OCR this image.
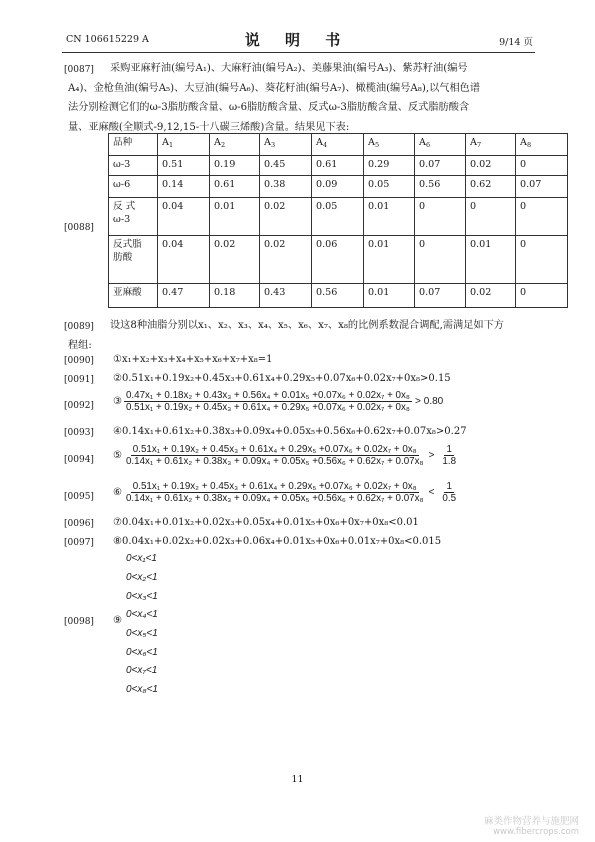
CN 106615229 A	说 明 书	9/14 页
[0087] 采购亚麻籽油(编号A₁)、大麻籽油(编号A₂)、美藤果油(编号A₃)、紫苏籽油(编号
A₄)、金枪鱼油(编号A₅)、大豆油(编号A₆)、葵花籽油(编号A₇)、橄榄油(编号A₈),以气相色谱
法分别检测它们的ω-3脂肪酸含量、ω-6脂肪酸含量、反式ω-3脂肪酸含量、反式脂肪酸含
量、亚麻酸(全顺式-9,12,15-十八碳三烯酸)含量。结果见下表:
[0088]
品种	$A_1$	$A_2$	$A_3$	$A_4$	$A_5$	$A_6$	$A_7$	$A_8$
ω-3	0.51	0.19	0.45	0.61	0.29	0.07	0.02	0
ω-6	0.14	0.61	0.38	0.09	0.05	0.56	0.62	0.07
反 式
ω-3	0.04	0.01	0.02	0.05	0.01	0	0	0
反式脂
肪酸	0.04	0.02	0.02	0.06	0.01	0	0.01	0
亚麻酸	0.47	0.18	0.43	0.56	0.01	0.07	0.02	0
[0089] 设这8种油脂分别以x₁、x₂、x₃、x₄、x₅、x₆、x₇、x₈的比例系数混合调配,需满足如下方
程组:
[0090] ①x₁+x₂+x₃+x₄+x₅+x₆+x₇+x₈=1
[0091] ②0.51x₁+0.19x₂+0.45x₃+0.61x₄+0.29x₅+0.07x₆+0.02x₇+0x₈>0.15
[0092] ③
0.47x₁ + 0.18x₂ + 0.43x₃ + 0.56x₄ + 0.01x₅ +0.07x₆ + 0.02x₇ + 0x₈
0.51x₁ + 0.19x₂ + 0.45x₃ + 0.61x₄ + 0.29x₅ +0.07x₆ + 0.02x₇ + 0x₈
> 0.80
[0093] ④0.14x₁+0.61x₂+0.38x₃+0.09x₄+0.05x₅+0.56x₆+0.62x₇+0.07x₈>0.27
[0094] ⑤
0.51x₁ + 0.19x₂ + 0.45x₃ + 0.61x₄ + 0.29x₅ +0.07x₆ + 0.02x₇ + 0x₈
0.14x₁ + 0.61x₂ + 0.38x₃ + 0.09x₄ + 0.05x₅ +0.56x₆ + 0.62x₇ + 0.07x₈
> $\frac{1}{1.8}$
[0095] ⑥
0.51x₁ + 0.19x₂ + 0.45x₃ + 0.61x₄ + 0.29x₅ +0.07x₆ + 0.02x₇ + 0x₈
0.14x₁ + 0.61x₂ + 0.38x₃ + 0.09x₄ + 0.05x₅ +0.56x₆ + 0.62x₇ + 0.07x₈
< $\frac{1}{0.5}$
[0096] ⑦0.04x₁+0.01x₂+0.02x₃+0.05x₄+0.01x₅+0x₆+0x₇+0x₈<0.01
[0097] ⑧0.04x₁+0.02x₂+0.02x₃+0.06x₄+0.01x₅+0x₆+0.01x₇+0x₈<0.015
[0098] ⑨
0<x₁<1
0<x₂<1
0<x₃<1
0<x₄<1
0<x₅<1
0<x₆<1
0<x₇<1
0<x₈<1
11
麻类作物营养与施肥网
www.fibercrops.com
